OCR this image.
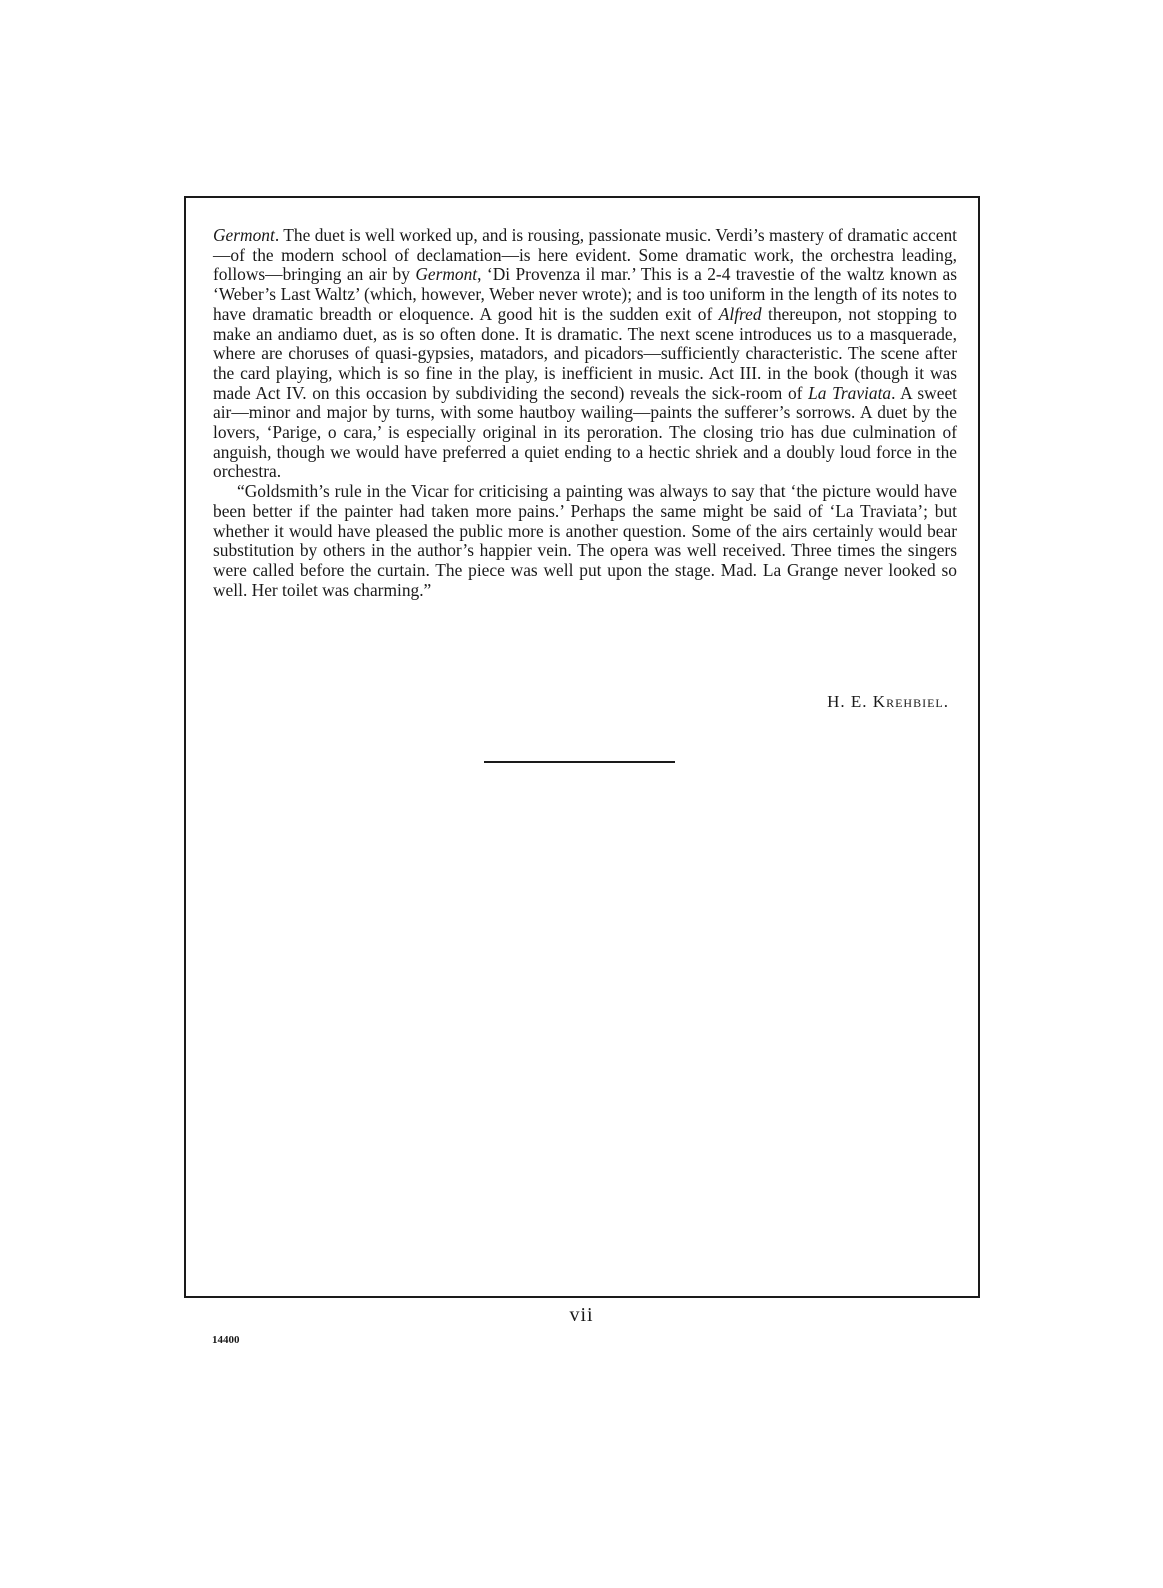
Germont. The duet is well worked up, and is rousing, passionate music. Verdi’s mastery of dramatic accent—of the modern school of declamation—is here evident. Some dramatic work, the orchestra leading, follows—bringing an air by Germont, ‘Di Provenza il mar.’ This is a 2-4 travestie of the waltz known as ‘Weber’s Last Waltz’ (which, however, Weber never wrote); and is too uniform in the length of its notes to have dramatic breadth or eloquence. A good hit is the sudden exit of Alfred thereupon, not stopping to make an andiamo duet, as is so often done. It is dramatic. The next scene introduces us to a masquerade, where are choruses of quasi-gypsies, matadors, and picadors—sufficiently characteristic. The scene after the card playing, which is so fine in the play, is inefficient in music. Act III. in the book (though it was made Act IV. on this occasion by subdividing the second) reveals the sick-room of La Traviata. A sweet air—minor and major by turns, with some hautboy wailing—paints the sufferer’s sorrows. A duet by the lovers, ‘Parige, o cara,’ is especially original in its peroration. The closing trio has due culmination of anguish, though we would have preferred a quiet ending to a hectic shriek and a doubly loud force in the orchestra.

“Goldsmith’s rule in the Vicar for criticising a painting was always to say that ‘the picture would have been better if the painter had taken more pains.’ Perhaps the same might be said of ‘La Traviata’; but whether it would have pleased the public more is another question. Some of the airs certainly would bear substitution by others in the author’s happier vein. The opera was well received. Three times the singers were called before the curtain. The piece was well put upon the stage. Mad. La Grange never looked so well. Her toilet was charming.”

H. E. Krehbiel.
vii
14400
